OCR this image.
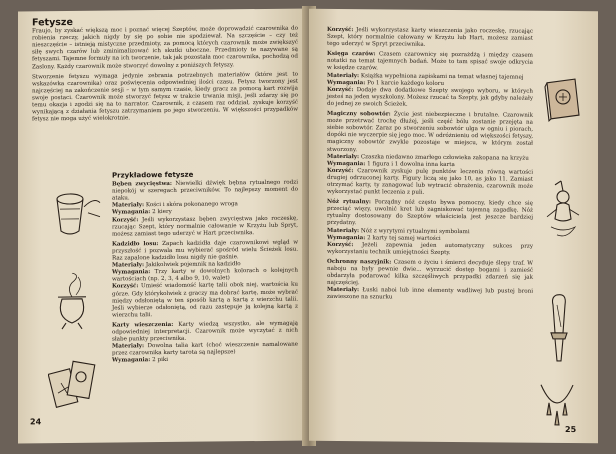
Fetysze

Fraujo, by zyskać większą moc i poznać więcej Szeptów, może doprowadzić czarownika do robienia rzeczy, jakich nigdy by się po sobie nie spodziewał. Na szczęście – czy też nieszczęście – istnieją mistyczne przedmioty, za pomocą których czarownik może zwiększyć siłę swych czarów lub zminimalizować ich skutki uboczne. Przedmioty te nazywane są fetyszami. Tajemne formuły na ich tworzenie, tak jak pozostała moc czarownika, pochodzą od Zaslony. Każdy czarownik może stworzyć dowolny z poniższych fetyszy.

Stworzenie fetyszu wymaga jedynie zebrania potrzebnych materiałów (które jest to wskazówka czarownika) oraz poświęcenia odpowiedniej ilości czasu. Fetysz tworzony jest najczęściej na zakończenie sesji – w tym samym czasie, kiedy gracz za pomocą kart rozwija swoje postaci. Czarownik może stworzyć fetysz w trakcie trwania misji, jeśli zdarzy się po temu okazja i zgodzi się na to narrator. Czarownik, z czasem raz oddział, zyskuje korzyść wynikającą z działania fetyszu zatrzymaniem po jego stworzeniu. W większości przypadków fetysz nie moga użyć wielokrotnie.

Przykładowe fetysze

Bęben zwycięstwa: Niewielki dźwięk bębna rytualnego rodzi niepokój w szeregach przeciwników. To najlepszy moment do ataku.
Materiały: Kości i skóra pokonanego wroga
Wymagania: 2 kiery
Korzyść: Jeśli wykorzystasz bęben zwycięstwa jako roczeskę, rzucając Szept, który normalnie całowanie w Krzyżu lub Spryt, możesz zamiast tego uderzyć w Hart przeciwnika.

Kadzidło losu: Zapach kadzidła daje czarownikowi wgląd w przyszłość i pozwala mu wybierać spośród wielu Ścieżek losu. Raz zapalone kadzidło losu nigdy nie gaśnie.
Materiały: Jakikolwiek pojemnik na kadzidło
Wymagania: Trzy karty w dowolnych kolorach o kolejnych wartościach (np. 2, 3, 4 albo 9, 10, walet)
Korzyść: Umieść wiadomość kartę talii obok niej, wartościa ku górze. Gdy którykolwiek z graczy ma dobrać kartę, może wybrać między odsłoniętą w ten sposób kartą a kartą z wierzchu talii. Jeśli wybierze odsłoniętą, od razu zastępuje ją kolejną kartą z wierzchu talii.

Karty wieszczenia: Karty wiedzą wszystko, ale wymagają odpowiedniej interpretacji. Czarownik może wyczytać z nich słabe punkty przeciwnika.
Materiały: Dowolna talia kart (choć wieszczenie namalowane przez czarownika karty tarota są najlepsze)
Wymagania: 2 piki

24

Korzyść: Jeśli wykorzystasz karty wieszczenia jako roczeskę, rzucając Szept, który normalnie całowany w Krzyżu lub Hart, możesz zamiast tego uderzyć w Spryt przeciwnika.

Księga czarów: Czasem czarownicy się pozrażdżą i między czasem notatki na temat tajemnych badań. Może to tam spisać swoje odkrycia w księdze czarów.
Materiały: Książka wypełniona zapiskami na temat własnej tajemnej
Wymagania: Po 1 karcie każdego koloru
Korzyść: Dodaje dwa dodatkowe Szepty swojego wyboru, w których jesteś na jeden wyszkolony. Możesz rzucać ta Szepty, jak gdyby należały do jednej ze swoich Ścieżek.

Magiczny sobowtór: Życie jest niebezpieczne i brutalne. Czarownik może przetrwać trochę dłużej, jeśli część bólu zostanie przejęta na siebie sobowtór. Zaraz po stworzeniu sobowtór ulga w ogniu i piorach, dopóki nie wyczerpie się jego moc. W odróżnieniu od większości fetyszy, magiczny sobowtór zwykle pozostaje w miejscu, w którym został stworzony.
Materiały: Czaszka niedawno zmarłego człowieka zakopana na krzyżu
Wymagania: 1 figura i 1 dowolna inna karta
Korzyść: Czarownik zyskuje pulę punktów leczenia równą wartości drugiej odrzuconej karty. Figury liczą się jako 10, as jako 11. Zamiast otrzymać karty, ty zanagować lub wytracić obrażenia, czarownik może wykorzystać punkt leczenia z puli.

Nóż rytualny: Porządny nóż często bywa pomocny, kiedy chce się przeciąć więzy, uwolnić kret lub zagniskować tajemną zagadkę. Nóż rytualny dostosowany do Szeptów właściciela jest jeszcze bardziej przydatny.
Materiały: Nóż z wyrytymi rytualnymi symbolami
Wymagania: 2 karty tej samej wartości
Korzyść: Jeżeli zapewnia jeden automatyczny sukces przy wykorzystaniu technik umiejętności Szepty.

Ochronny naszyjnik: Czasem o życiu i śmierci decyduje ślepy traf. W naboju na były pewnie dwie... wyrzucić dostęp bogami i zamieść obdarzyła podarować kilka szczęśliwych przypadki zdarzeń się jak najczęściej.
Materiały: Łuski naboi lub inne elementy wadliwej lub pustej broni zawieszone na sznurku

25
